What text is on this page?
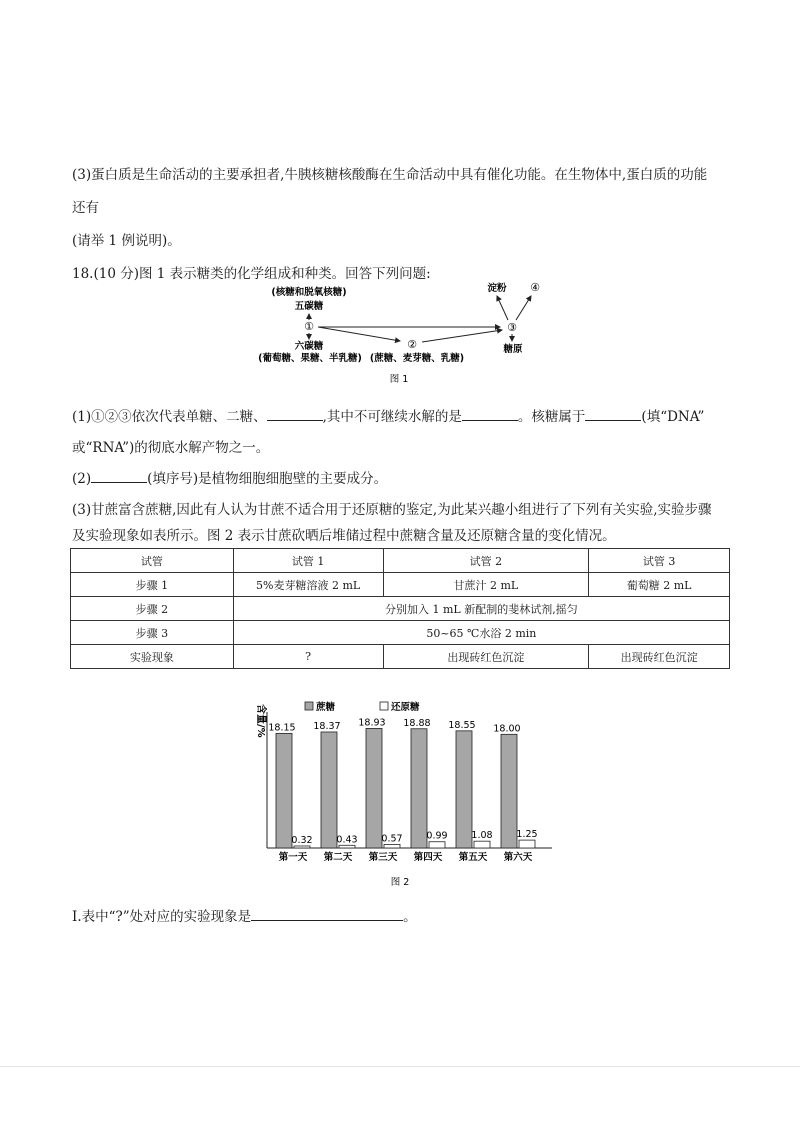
(3)蛋白质是生命活动的主要承担者,牛胰核糖核酸酶在生命活动中具有催化功能。在生物体中,蛋白质的功能
还有
(请举 1 例说明)。
18.(10 分)图 1 表示糖类的化学组成和种类。回答下列问题:
(核糖和脱氧核糖)
五碳糖
①
六碳糖
(葡萄糖、果糖、半乳糖)
②
(蔗糖、麦芽糖、乳糖)
③
淀粉 ④
糖原
图 1
(1)①②③依次代表单糖、二糖、	,其中不可继续水解的是	。核糖属于	(填“DNA”
或“RNA”)的彻底水解产物之一。
(2)	(填序号)是植物细胞细胞壁的主要成分。
(3)甘蔗富含蔗糖,因此有人认为甘蔗不适合用于还原糖的鉴定,为此某兴趣小组进行了下列有关实验,实验步骤
及实验现象如表所示。图 2 表示甘蔗砍晒后堆储过程中蔗糖含量及还原糖含量的变化情况。
试管	试管 1	试管 2	试管 3
步骤 1	5%麦芽糖溶液 2 mL	甘蔗汁 2 mL	葡萄糖 2 mL
步骤 2	分别加入 1 mL 新配制的斐林试剂,摇匀		
步骤 3	50~65 ℃水浴 2 min		
实验现象	?	出现砖红色沉淀	出现砖红色沉淀
含量/%	蔗糖	还原糖
18.15
0.32
第一天
18.37
0.43
第二天
18.93
0.57
第三天
18.88
0.99
第四天
18.55
1.08
第五天
18.00
1.25
第六天
图 2
Ⅰ.表中“?”处对应的实验现象是	。
